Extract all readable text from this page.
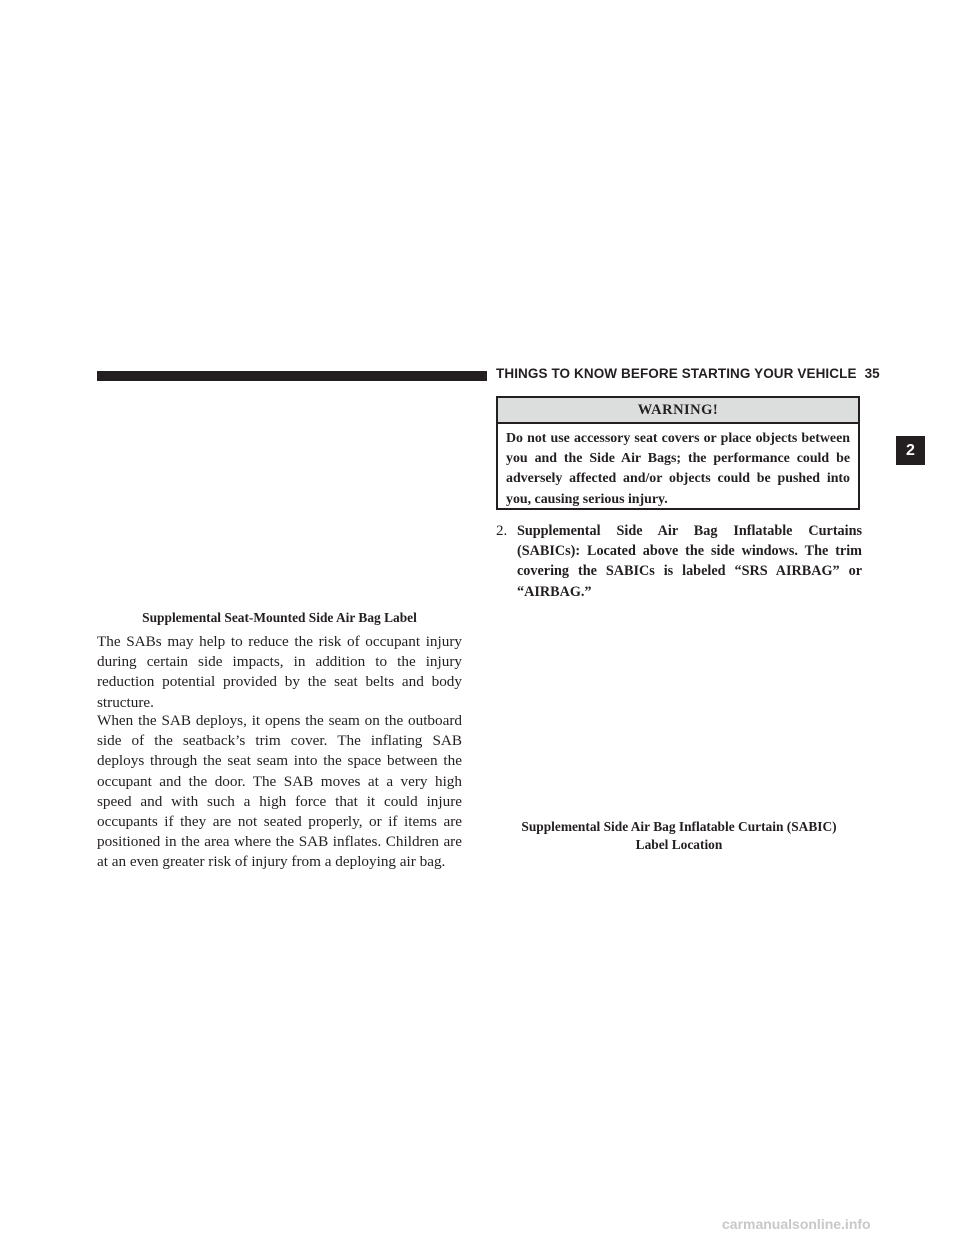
THINGS TO KNOW BEFORE STARTING YOUR VEHICLE 35
2
Supplemental Seat-Mounted Side Air Bag Label
The SABs may help to reduce the risk of occupant injury during certain side impacts, in addition to the injury reduction potential provided by the seat belts and body structure.
When the SAB deploys, it opens the seam on the outboard side of the seatback’s trim cover. The inflating SAB deploys through the seat seam into the space between the occupant and the door. The SAB moves at a very high speed and with such a high force that it could injure occupants if they are not seated properly, or if items are positioned in the area where the SAB inflates. Children are at an even greater risk of injury from a deploying air bag.
WARNING!
Do not use accessory seat covers or place objects between you and the Side Air Bags; the performance could be adversely affected and/or objects could be pushed into you, causing serious injury.
2. Supplemental Side Air Bag Inflatable Curtains (SABICs): Located above the side windows. The trim covering the SABICs is labeled “SRS AIRBAG” or “AIRBAG.”
Supplemental Side Air Bag Inflatable Curtain (SABIC)
Label Location
carmanualsonline.info
